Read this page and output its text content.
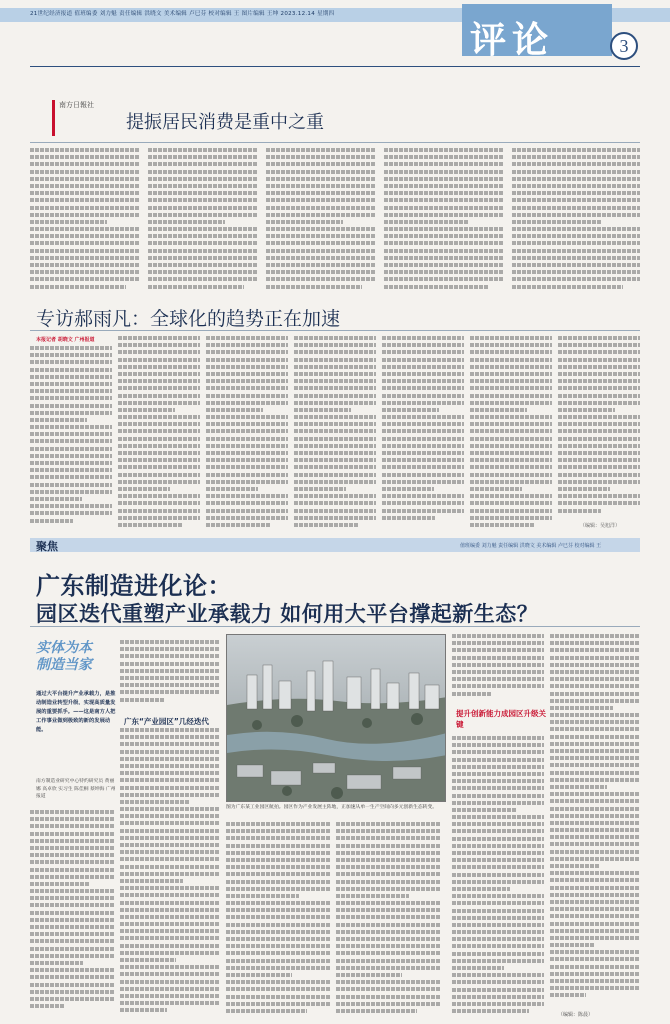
21世纪经济报道 值班编委 刘力魁 责任编辑 洪晓文 美术编辑 卢巳芬 校对编辑 王 图片编辑 王坤 2023.12.14 星期四
评论	3
南方日報社
提振居民消费是重中之重
专访郝雨凡：全球化的趋势正在加速
本报记者 胡晓文 广州报道
（编辑：吴旭洋）
聚焦	值班编委 刘力魁 责任编辑 洪晓文 美术编辑 卢巳芬 校对编辑 王
广东制造进化论：
园区迭代重塑产业承载力 如何用大平台撑起新生态？
实体为本
制造当家
通过大平台提升产业承载力，是推动制造业转型升级、实现高质量发展的重要抓手。——这是南方人把工作事业做到极致的新的发展动能。
南方制造业研究中心特约研究员 黄丽娜 高卓欣 实习生 陈佳桐 蔡坤海 广州报道
广东“产业园区”几经迭代
图为广东某工业园区航拍。园区作为产业发展主阵地，正加速从单一生产空间向多元创新生态转变。
提升创新能力成园区升级关键
（编辑：陈晨）
